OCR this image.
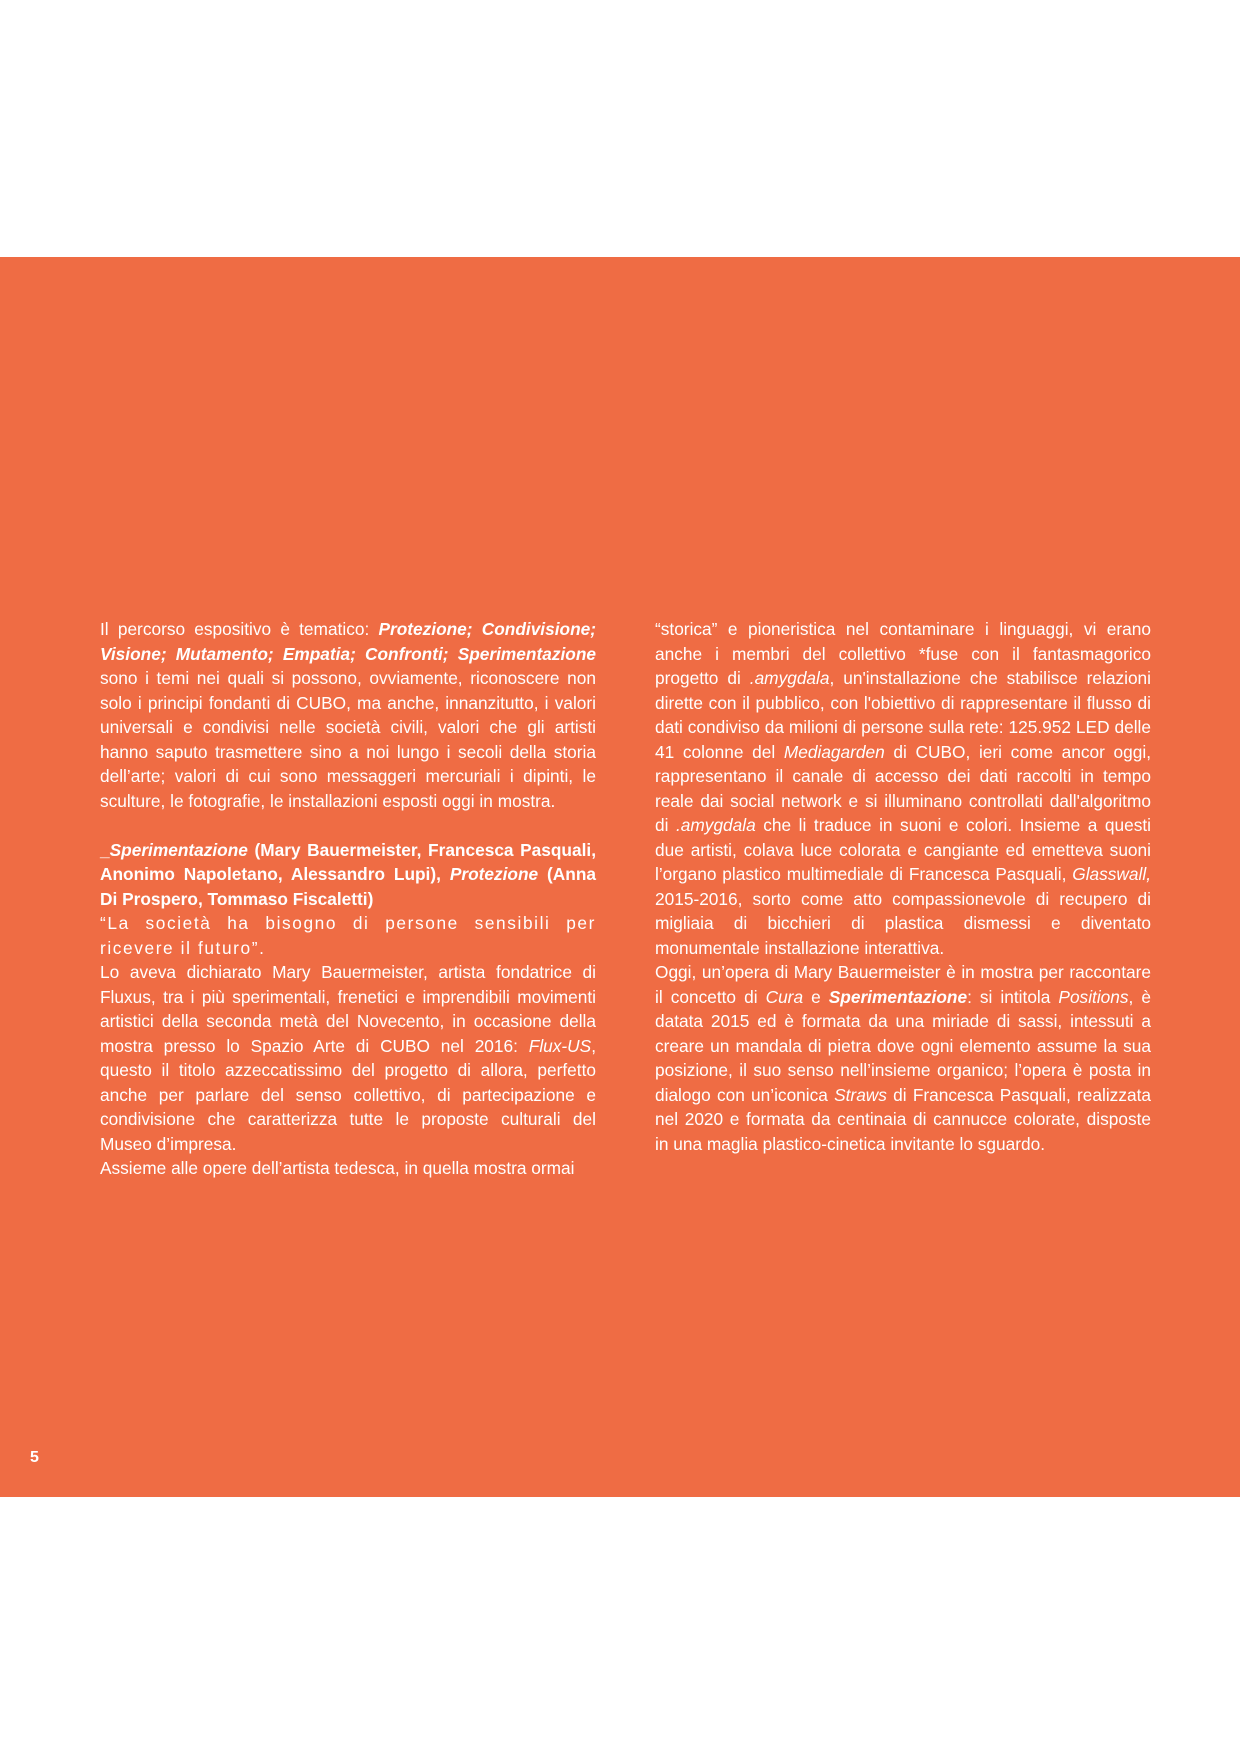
Il percorso espositivo è tematico: Protezione; Condivisione; Visione; Mutamento; Empatia; Confronti; Sperimentazione sono i temi nei quali si possono, ovviamente, riconoscere non solo i principi fondanti di CUBO, ma anche, innanzitutto, i valori universali e condivisi nelle società civili, valori che gli artisti hanno saputo trasmettere sino a noi lungo i secoli della storia dell’arte; valori di cui sono messaggeri mercuriali i dipinti, le sculture, le fotografie, le installazioni esposti oggi in mostra.

_Sperimentazione (Mary Bauermeister, Francesca Pasquali, Anonimo Napoletano, Alessandro Lupi), Protezione (Anna Di Prospero, Tommaso Fiscaletti)

“La società ha bisogno di persone sensibili per ricevere il futuro”.

Lo aveva dichiarato Mary Bauermeister, artista fondatrice di Fluxus, tra i più sperimentali, frenetici e imprendibili movimenti artistici della seconda metà del Novecento, in occasione della mostra presso lo Spazio Arte di CUBO nel 2016: Flux-US, questo il titolo azzeccatissimo del progetto di allora, perfetto anche per parlare del senso collettivo, di partecipazione e condivisione che caratterizza tutte le proposte culturali del Museo d’impresa.

Assieme alle opere dell’artista tedesca, in quella mostra ormai

“storica” e pioneristica nel contaminare i linguaggi, vi erano anche i membri del collettivo *fuse con il fantasmagorico progetto di .amygdala, un'installazione che stabilisce relazioni dirette con il pubblico, con l'obiettivo di rappresentare il flusso di dati condiviso da milioni di persone sulla rete: 125.952 LED delle 41 colonne del Mediagarden di CUBO, ieri come ancor oggi, rappresentano il canale di accesso dei dati raccolti in tempo reale dai social network e si illuminano controllati dall'algoritmo di .amygdala che li traduce in suoni e colori. Insieme a questi due artisti, colava luce colorata e cangiante ed emetteva suoni l’organo plastico multimediale di Francesca Pasquali, Glasswall, 2015-2016, sorto come atto compassionevole di recupero di migliaia di bicchieri di plastica dismessi e diventato monumentale installazione interattiva.

Oggi, un’opera di Mary Bauermeister è in mostra per raccontare il concetto di Cura e Sperimentazione: si intitola Positions, è datata 2015 ed è formata da una miriade di sassi, intessuti a creare un mandala di pietra dove ogni elemento assume la sua posizione, il suo senso nell’insieme organico; l’opera è posta in dialogo con un’iconica Straws di Francesca Pasquali, realizzata nel 2020 e formata da centinaia di cannucce colorate, disposte in una maglia plastico-cinetica invitante lo sguardo.

5
